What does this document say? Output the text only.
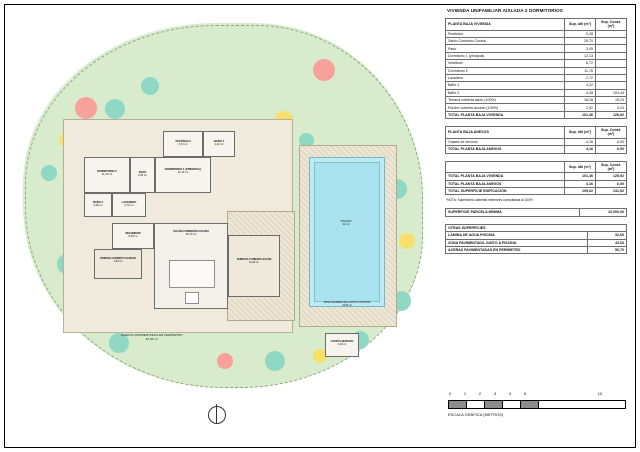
PISCINA
32 m²
ZONA PAVIMENTADA JUNTO A PISCINA
43,63 m²
VESTÍBULO
6,72 m²
BAÑO 1
4,22 m²
DORMITORIO 2
11,76 m²
PASO
3,45 m²
DORMITORIO 1 (PRINCIPAL)
12,13 m²
BAÑO 2
4,28 m²
LAVADERO
2,72 m²
RECIBIDOR
5,28 m²
SALÓN-COMEDOR-COCINA
29,70 m²
PORCHE CUBIERTO ACCESO
2,92 m²
TERRAZA CUBIERTA SALÓN
19,26 m²
CASETA SERVICIO
4,16 m²
ACERAS PAVIMENTADAS EN PERÍMETRO
40,66 m²
VIVIENDA UNIFAMILIAR AISLADA 2 DORMITORIOS
PLANTA BAJA VIVIENDA	Sup. útil (m²)	Sup. Const. (m²)
Recibidor	5,28	
Salón-Comedor-Cocina	29,70	
Paso	3,45	
Dormitorio 1 (principal)	12,13	
Vestíbulo	6,72	
Dormitorio 2	11,76	
Lavadero	2,72	
Baño 1	4,22	
Baño 2	4,28	103,44
Terraza cubierta salón (100%)	18,28	19,24
Porche cubierto acceso (100%)	2,92	3,24
TOTAL PLANTA BAJA VIVIENDA	101,46	125,92
PLANTA BAJA ANEXOS	Sup. útil (m²)	Sup. Const. (m²)
Caseta de servicio	4,16	6,00
TOTAL PLANTA BAJA ANEXOS	4,16	6,00
	Sup. útil (m²)	Sup. Const. (m²)
TOTAL PLANTA BAJA VIVIENDA	101,46	125,92
TOTAL PLANTA BAJA ANEXOS	4,16	6,00
TOTAL SUPERFICIE EDIFICACIÓN	105,62	131,92
*NOTA: Superficies cubiertas exteriores computadas al 100%
SUPERFICIE PARCELA MÍNIMA	10.000,00
OTRAS SUPERFICIES	
LÁMINA DE AGUA PISCINA	32,00
ZONA PAVIMENTADA JUNTO A PISCINA	43,63
ACERAS PAVIMENTADAS EN PERÍMETRO	50,70
0	1	2	3	4	5	10
ESCALA GRÁFICA (METROS)
